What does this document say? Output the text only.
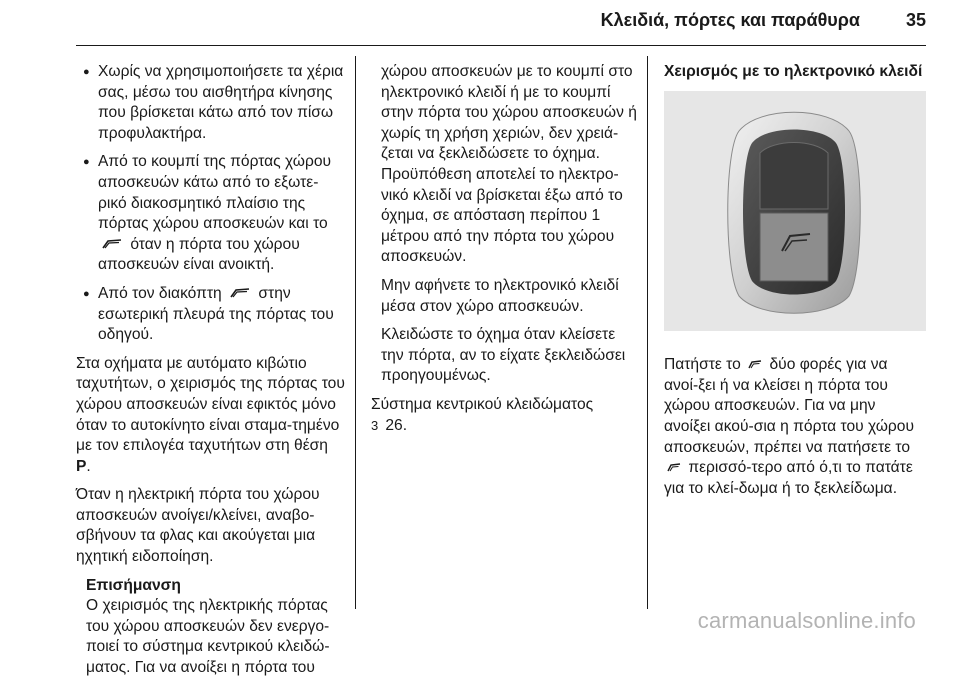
Κλειδιά, πόρτες και παράθυρα	35
● Χωρίς να χρησιμοποιήσετε τα χέρια σας, μέσω του αισθητήρα κίνησης που βρίσκεται κάτω από τον πίσω προφυλακτήρα.
● Από το κουμπί της πόρτας χώρου αποσκευών κάτω από το εξωτε-ρικό διακοσμητικό πλαίσιο της πόρτας χώρου αποσκευών και το  όταν η πόρτα του χώρου αποσκευών είναι ανοικτή.
● Από τον διακόπτη στην εσωτερική πλευρά της πόρτας του οδηγού.

Στα οχήματα με αυτόματο κιβώτιο ταχυτήτων, ο χειρισμός της πόρτας του χώρου αποσκευών είναι εφικτός μόνο όταν το αυτοκίνητο είναι σταμα-τημένο με τον επιλογέα ταχυτήτων στη θέση P.

Όταν η ηλεκτρική πόρτα του χώρου αποσκευών ανοίγει/κλείνει, αναβο-σβήνουν τα φλας και ακούγεται μια ηχητική ειδοποίηση.

Επισήμανση
Ο χειρισμός της ηλεκτρικής πόρτας του χώρου αποσκευών δεν ενεργο-ποιεί το σύστημα κεντρικού κλειδώ-ματος. Για να ανοίξει η πόρτα του

χώρου αποσκευών με το κουμπί στο ηλεκτρονικό κλειδί ή με το κουμπί στην πόρτα του χώρου αποσκευών ή χωρίς τη χρήση χεριών, δεν χρειά-ζεται να ξεκλειδώσετε το όχημα. Προϋπόθεση αποτελεί το ηλεκτρο-νικό κλειδί να βρίσκεται έξω από το όχημα, σε απόσταση περίπου 1 μέτρου από την πόρτα του χώρου αποσκευών.

Μην αφήνετε το ηλεκτρονικό κλειδί μέσα στον χώρο αποσκευών.

Κλειδώστε το όχημα όταν κλείσετε την πόρτα, αν το είχατε ξεκλειδώσει προηγουμένως.

Σύστημα κεντρικού κλειδώματος
3 26.
Χειρισμός με το ηλεκτρονικό κλειδί

Πατήστε το δύο φορές για να ανοί-ξει ή να κλείσει η πόρτα του χώρου αποσκευών. Για να μην ανοίξει ακού-σια η πόρτα του χώρου αποσκευών, πρέπει να πατήσετε το  περισσό-τερο από ό,τι το πατάτε για το κλεί-δωμα ή το ξεκλείδωμα.

carmanualsonline.info
